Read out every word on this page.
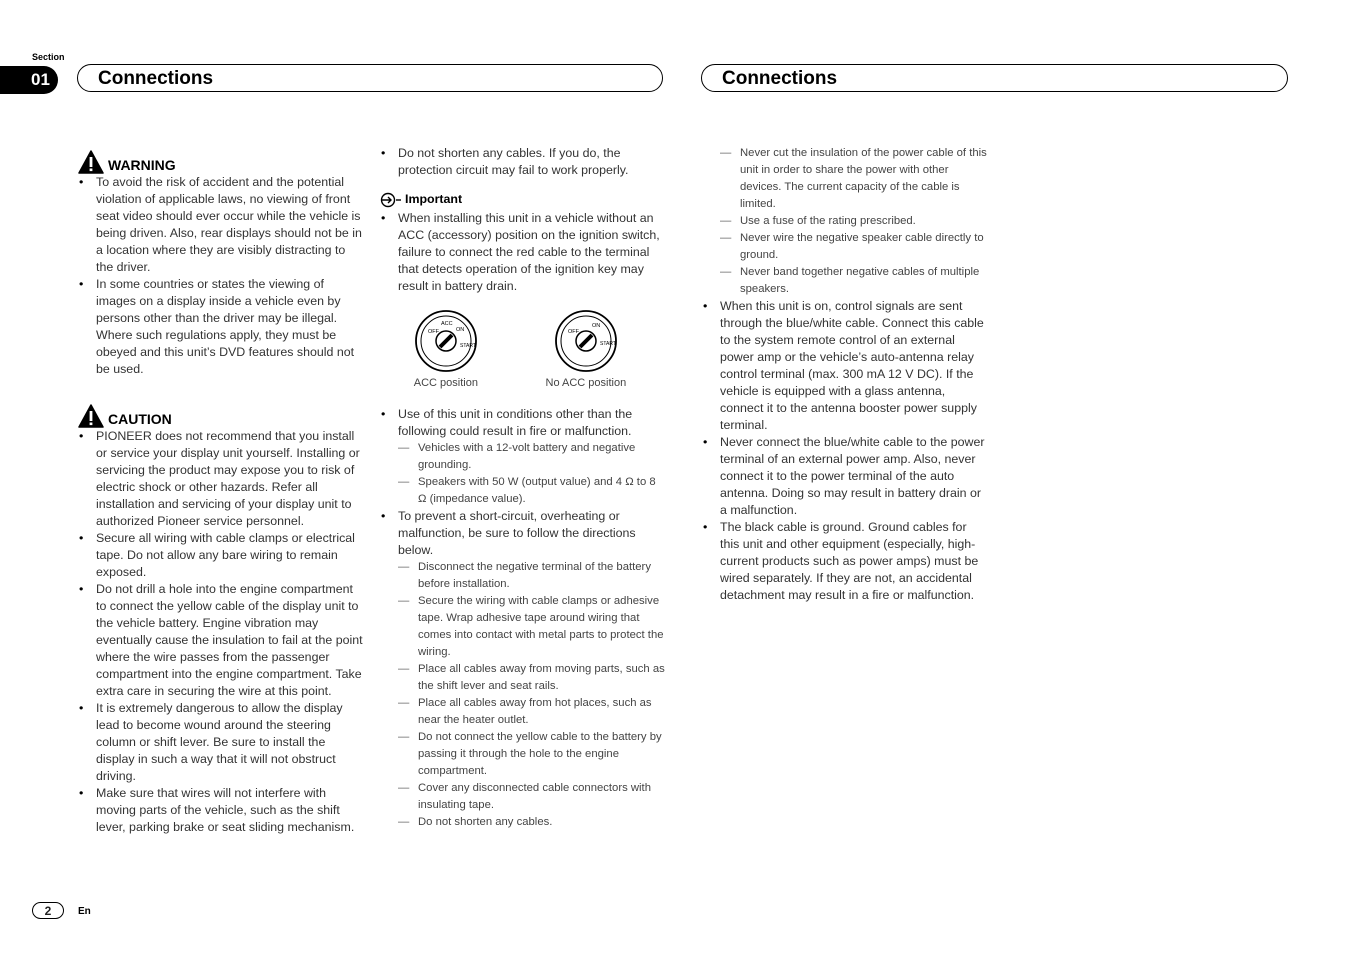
Section
01	Connections	Connections
WARNING
• To avoid the risk of accident and the potential violation of applicable laws, no viewing of front seat video should ever occur while the vehicle is being driven. Also, rear displays should not be in a location where they are visibly distracting to the driver.
• In some countries or states the viewing of images on a display inside a vehicle even by persons other than the driver may be illegal. Where such regulations apply, they must be obeyed and this unit’s DVD features should not be used.
CAUTION
• PIONEER does not recommend that you install or service your display unit yourself. Installing or servicing the product may expose you to risk of electric shock or other hazards. Refer all installation and servicing of your display unit to authorized Pioneer service personnel.
• Secure all wiring with cable clamps or electrical tape. Do not allow any bare wiring to remain exposed.
• Do not drill a hole into the engine compartment to connect the yellow cable of the display unit to the vehicle battery. Engine vibration may eventually cause the insulation to fail at the point where the wire passes from the passenger compartment into the engine compartment. Take extra care in securing the wire at this point.
• It is extremely dangerous to allow the display lead to become wound around the steering column or shift lever. Be sure to install the display in such a way that it will not obstruct driving.
• Make sure that wires will not interfere with moving parts of the vehicle, such as the shift lever, parking brake or seat sliding mechanism.
• Do not shorten any cables. If you do, the protection circuit may fail to work properly.
Important
• When installing this unit in a vehicle without an ACC (accessory) position on the ignition switch, failure to connect the red cable to the terminal that detects operation of the ignition key may result in battery drain.
OFF
ACC
ON
START
ACC position
OFF
ON
START
No ACC position
• Use of this unit in conditions other than the following could result in fire or malfunction.
— Vehicles with a 12-volt battery and negative grounding.
— Speakers with 50 W (output value) and 4 Ω to 8 Ω (impedance value).
• To prevent a short-circuit, overheating or malfunction, be sure to follow the directions below.
— Disconnect the negative terminal of the battery before installation.
— Secure the wiring with cable clamps or adhesive tape. Wrap adhesive tape around wiring that comes into contact with metal parts to protect the wiring.
— Place all cables away from moving parts, such as the shift lever and seat rails.
— Place all cables away from hot places, such as near the heater outlet.
— Do not connect the yellow cable to the battery by passing it through the hole to the engine compartment.
— Cover any disconnected cable connectors with insulating tape.
— Do not shorten any cables.
— Never cut the insulation of the power cable of this unit in order to share the power with other devices. The current capacity of the cable is limited.
— Use a fuse of the rating prescribed.
— Never wire the negative speaker cable directly to ground.
— Never band together negative cables of multiple speakers.
• When this unit is on, control signals are sent through the blue/white cable. Connect this cable to the system remote control of an external power amp or the vehicle’s auto-antenna relay control terminal (max. 300 mA 12 V DC). If the vehicle is equipped with a glass antenna, connect it to the antenna booster power supply terminal.
• Never connect the blue/white cable to the power terminal of an external power amp. Also, never connect it to the power terminal of the auto antenna. Doing so may result in battery drain or a malfunction.
• The black cable is ground. Ground cables for this unit and other equipment (especially, high-current products such as power amps) must be wired separately. If they are not, an accidental detachment may result in a fire or malfunction.
2	En
